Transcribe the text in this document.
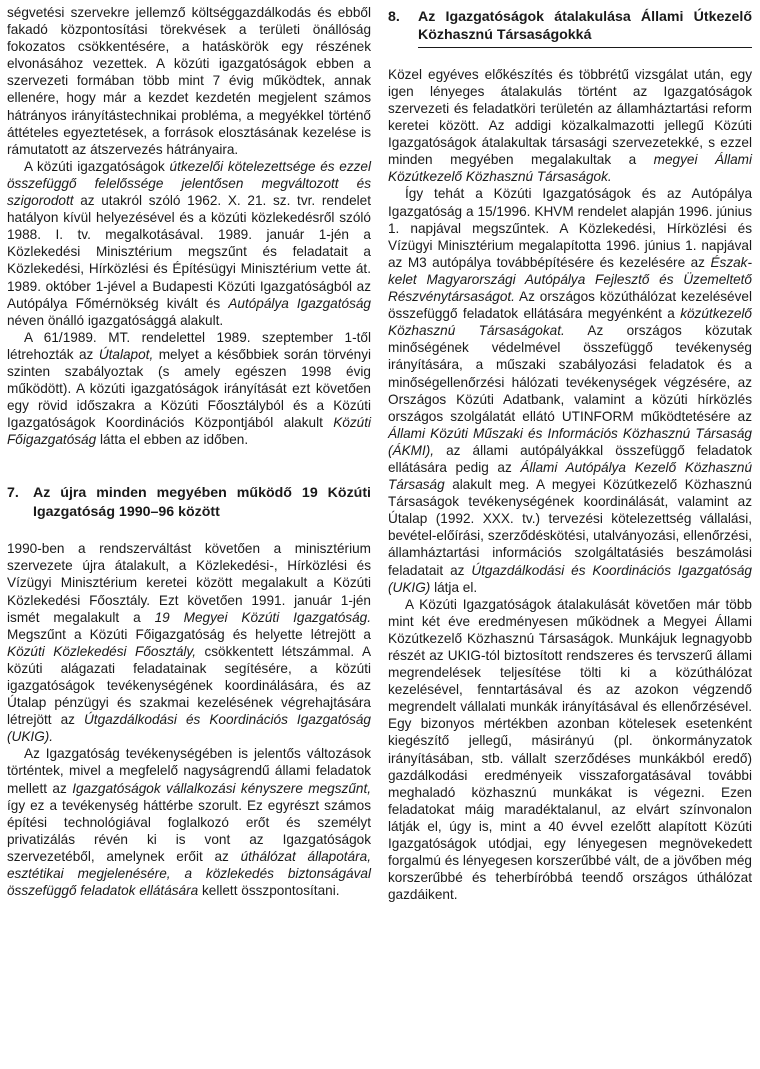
ségvetési szervekre jellemző költséggazdálkodás és ebből fakadó központosítási törekvések a területi önállóság fokozatos csökkentésére, a hatáskörök egy részének elvonásához vezettek. A közúti igazgatóságok ebben a szervezeti formában több mint 7 évig működtek, annak ellenére, hogy már a kezdet kezdetén megjelent számos hátrányos irányítástechnikai probléma, a megyékkel történő áttételes egyeztetések, a források elosztásának kezelése is rámutatott az átszervezés hátrányaira.

A közúti igazgatóságok útkezelői kötelezettsége és ezzel összefüggő felelőssége jelentősen megváltozott és szigorodott az utakról szóló 1962. X. 21. sz. tvr. rendelet hatályon kívül helyezésével és a közúti közlekedésről szóló 1988. I. tv. megalkotásával. 1989. január 1-jén a Közlekedési Minisztérium megszűnt és feladatait a Közlekedési, Hírközlési és Építésügyi Minisztérium vette át. 1989. október 1-jével a Budapesti Közúti Igazgatóságból az Autópálya Főmérnökség kivált és Autópálya Igazgatóság néven önálló igazgatósággá alakult.

A 61/1989. MT. rendelettel 1989. szeptember 1-től létrehozták az Útalapot, melyet a későbbiek során törvényi szinten szabályoztak (s amely egészen 1998 évig működött). A közúti igazgatóságok irányítását ezt követően egy rövid időszakra a Közúti Főosztályból és a Közúti Igazgatóságok Koordinációs Központjából alakult Közúti Főigazgatóság látta el ebben az időben.

7. Az újra minden megyében működő 19 Közúti Igazgatóság 1990–96 között

1990-ben a rendszerváltást követően a minisztérium szervezete újra átalakult, a Közlekedési-, Hírközlési és Vízügyi Minisztérium keretei között megalakult a Közúti Közlekedési Főosztály. Ezt követően 1991. január 1-jén ismét megalakult a 19 Megyei Közúti Igazgatóság. Megszűnt a Közúti Főigazgatóság és helyette létrejött a Közúti Közlekedési Főosztály, csökkentett létszámmal. A közúti alágazati feladatainak segítésére, a közúti igazgatóságok tevékenységének koordinálására, és az Útalap pénzügyi és szakmai kezelésének végrehajtására létrejött az Útgazdálkodási és Koordinációs Igazgatóság (UKIG).

Az Igazgatóság tevékenységében is jelentős változások történtek, mivel a megfelelő nagyságrendű állami feladatok mellett az Igazgatóságok vállalkozási kényszere megszűnt, így ez a tevékenység háttérbe szorult. Ez egyrészt számos építési technológiával foglalkozó erőt és személyt privatizálás révén ki is vont az Igazgatóságok szervezetéből, amelynek erőit az úthálózat állapotára, esztétikai megjelenésére, a közlekedés biztonságával összefüggő feladatok ellátására kellett összpontosítani.

8. Az Igazgatóságok átalakulása Állami Útkezelő Közhasznú Társaságokká

Közel egyéves előkészítés és többrétű vizsgálat után, egy igen lényeges átalakulás történt az Igazgatóságok szervezeti és feladatköri területén az államháztartási reform keretei között. Az addigi közalkalmazotti jellegű Közúti Igazgatóságok átalakultak társasági szervezetekké, s ezzel minden megyében megalakultak a megyei Állami Közútkezelő Közhasznú Társaságok.

Így tehát a Közúti Igazgatóságok és az Autópálya Igazgatóság a 15/1996. KHVM rendelet alapján 1996. június 1. napjával megszűntek. A Közlekedési, Hírközlési és Vízügyi Minisztérium megalapította 1996. június 1. napjával az M3 autópálya továbbépítésére és kezelésére az Észak-kelet Magyarországi Autópálya Fejlesztő és Üzemeltető Részvénytársaságot. Az országos közúthálózat kezelésével összefüggő feladatok ellátására megyénként a közútkezelő Közhasznú Társaságokat. Az országos közutak minőségének védelmével összefüggő tevékenység irányítására, a műszaki szabályozási feladatok és a minőségellenőrzési hálózati tevékenységek végzésére, az Országos Közúti Adatbank, valamint a közúti hírközlés országos szolgálatát ellátó UTINFORM működtetésére az Állami Közúti Műszaki és Információs Közhasznú Társaság (ÁKMI), az állami autópályákkal összefüggő feladatok ellátására pedig az Állami Autópálya Kezelő Közhasznú Társaság alakult meg. A megyei Közútkezelő Közhasznú Társaságok tevékenységének koordinálását, valamint az Útalap (1992. XXX. tv.) tervezési kötelezettség vállalási, bevétel-előírási, szerződéskötési, utalványozási, ellenőrzési, államháztartási információs szolgáltatásiés beszámolási feladatait az Útgazdálkodási és Koordinációs Igazgatóság (UKIG) látja el.

A Közúti Igazgatóságok átalakulását követően már több mint két éve eredményesen működnek a Megyei Állami Közútkezelő Közhasznú Társaságok. Munkájuk legnagyobb részét az UKIG-tól biztosított rendszeres és tervszerű állami megrendelések teljesítése tölti ki a közúthálózat kezelésével, fenntartásával és az azokon végzendő megrendelt vállalati munkák irányításával és ellenőrzésével. Egy bizonyos mértékben azonban kötelesek esetenként kiegészítő jellegű, másirányú (pl. önkormányzatok irányításában, stb. vállalt szerződéses munkákból eredő) gazdálkodási eredményeik visszaforgatásával további meghaladó közhasznú munkákat is végezni. Ezen feladatokat máig maradéktalanul, az elvárt színvonalon látják el, úgy is, mint a 40 évvel ezelőtt alapított Közúti Igazgatóságok utódjai, egy lényegesen megnövekedett forgalmú és lényegesen korszerűbbé vált, de a jövőben még korszerűbbé és teherbíróbbá teendő országos úthálózat gazdáikent.
